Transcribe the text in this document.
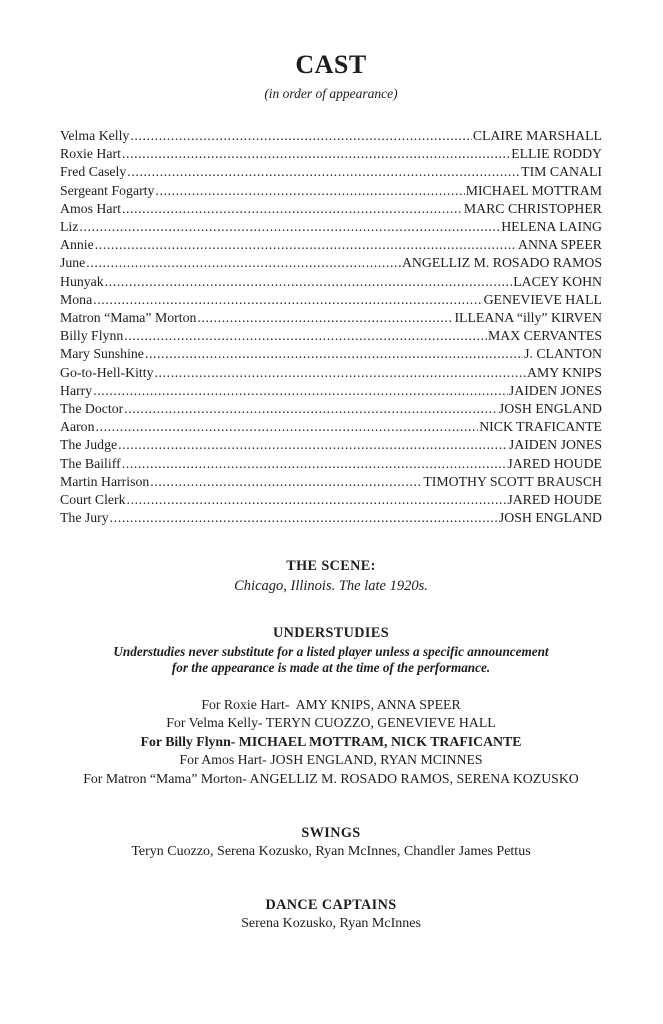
CAST
(in order of appearance)
Velma Kelly .....	CLAIRE MARSHALL
Roxie Hart .....	ELLIE RODDY
Fred Casely .....	TIM CANALI
Sergeant Fogarty .....	MICHAEL MOTTRAM
Amos Hart .....	MARC CHRISTOPHER
Liz .....	HELENA LAING
Annie .....	ANNA SPEER
June .....	ANGELLIZ M. ROSADO RAMOS
Hunyak .....	LACEY KOHN
Mona .....	GENEVIEVE HALL
Matron “Mama” Morton .....	ILLEANA “illy” KIRVEN
Billy Flynn .....	MAX CERVANTES
Mary Sunshine .....	J. CLANTON
Go-to-Hell-Kitty .....	AMY KNIPS
Harry .....	JAIDEN JONES
The Doctor .....	JOSH ENGLAND
Aaron .....	NICK TRAFICANTE
The Judge .....	JAIDEN JONES
The Bailiff .....	JARED HOUDE
Martin Harrison .....	TIMOTHY SCOTT BRAUSCH
Court Clerk .....	JARED HOUDE
The Jury .....	JOSH ENGLAND
THE SCENE:
Chicago, Illinois. The late 1920s.
UNDERSTUDIES
Understudies never substitute for a listed player unless a specific announcement
for the appearance is made at the time of the performance.
For Roxie Hart-  AMY KNIPS, ANNA SPEER
For Velma Kelly- TERYN CUOZZO, GENEVIEVE HALL
For Billy Flynn- MICHAEL MOTTRAM, NICK TRAFICANTE
For Amos Hart- JOSH ENGLAND, RYAN MCINNES
For Matron “Mama” Morton- ANGELLIZ M. ROSADO RAMOS, SERENA KOZUSKO
SWINGS
Teryn Cuozzo, Serena Kozusko, Ryan McInnes, Chandler James Pettus
DANCE CAPTAINS
Serena Kozusko, Ryan McInnes
